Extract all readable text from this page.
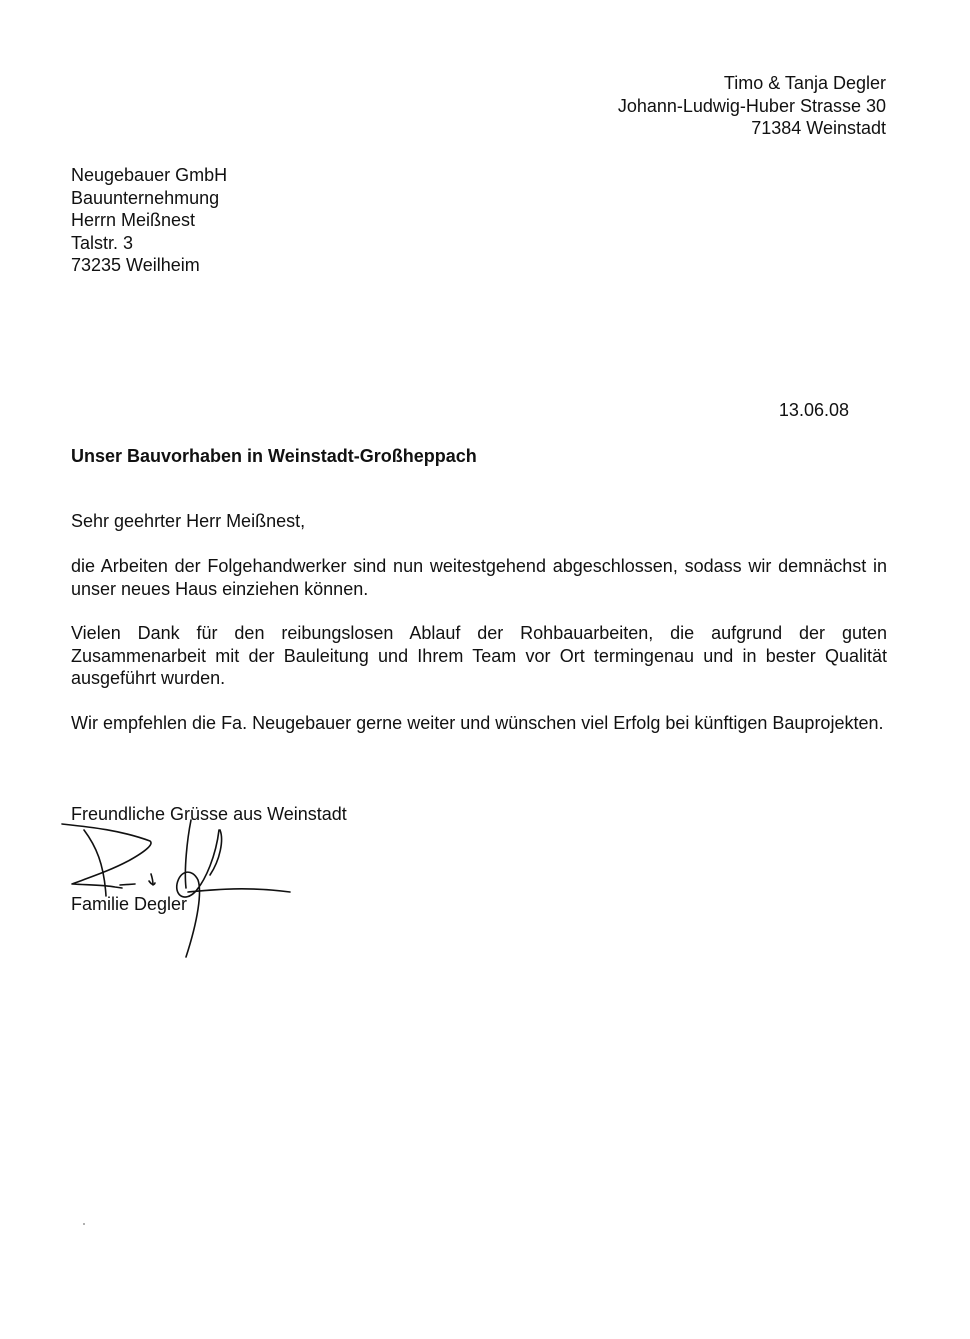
Timo & Tanja Degler
Johann-Ludwig-Huber Strasse 30
71384 Weinstadt
Neugebauer GmbH
Bauunternehmung
Herrn Meißnest
Talstr. 3
73235 Weilheim
13.06.08
Unser Bauvorhaben in Weinstadt-Großheppach
Sehr geehrter Herr Meißnest,
die Arbeiten der Folgehandwerker sind nun weitestgehend abgeschlossen, sodass wir demnächst in unser neues Haus einziehen können.
Vielen Dank für den reibungslosen Ablauf der Rohbauarbeiten, die aufgrund der guten Zusammenarbeit mit der Bauleitung und Ihrem Team vor Ort termingenau und in bester Qualität ausgeführt wurden.
Wir empfehlen die Fa. Neugebauer gerne weiter und wünschen viel Erfolg bei künftigen Bauprojekten.
Freundliche Grüsse aus Weinstadt
Familie Degler
